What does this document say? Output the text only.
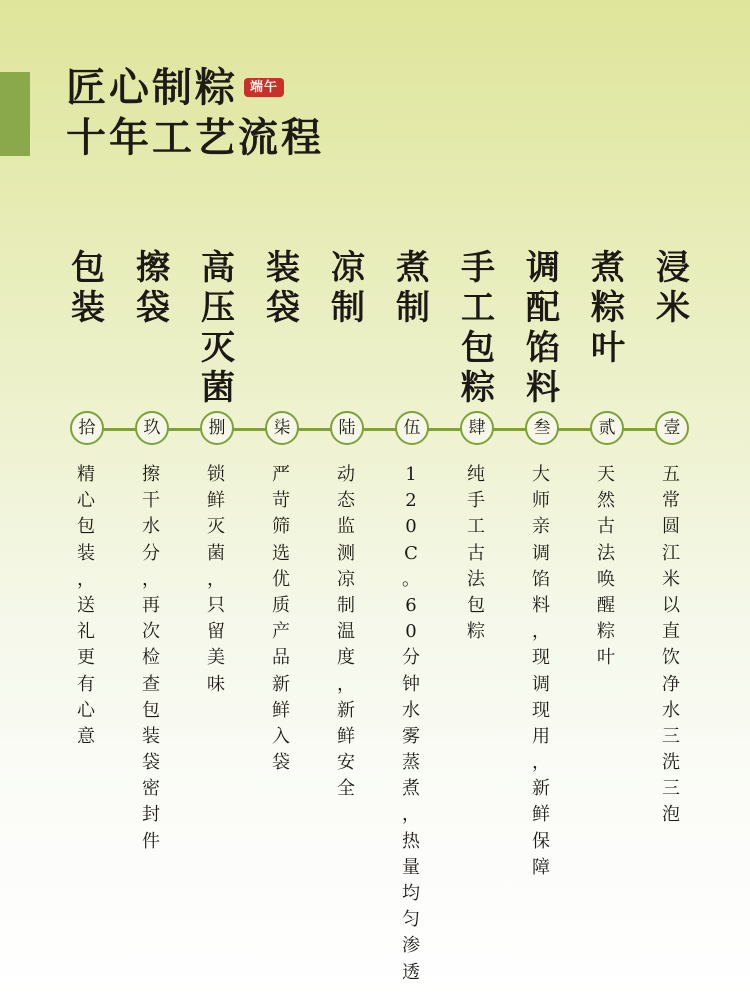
匠心制粽 端午
十年工艺流程
浸
米
壹
五
常
圆
江
米
以
直
饮
净
水
三
洗
三
泡
煮
粽
叶
贰
天
然
古
法
唤
醒
粽
叶
调
配
馅
料
叁
大
师
亲
调
馅
料
，
现
调
现
用
，
新
鲜
保
障
手
工
包
粽
肆
纯
手
工
古
法
包
粽
煮
制
伍
1
2
0
C
。
6
0
分
钟
水
雾
蒸
煮
，
热
量
均
匀
渗
透
凉
制
陆
动
态
监
测
凉
制
温
度
，
新
鲜
安
全
装
袋
柒
严
苛
筛
选
优
质
产
品
新
鲜
入
袋
高
压
灭
菌
捌
锁
鲜
灭
菌
，
只
留
美
味
擦
袋
玖
擦
干
水
分
，
再
次
检
查
包
装
袋
密
封
件
包
装
拾
精
心
包
装
，
送
礼
更
有
心
意
